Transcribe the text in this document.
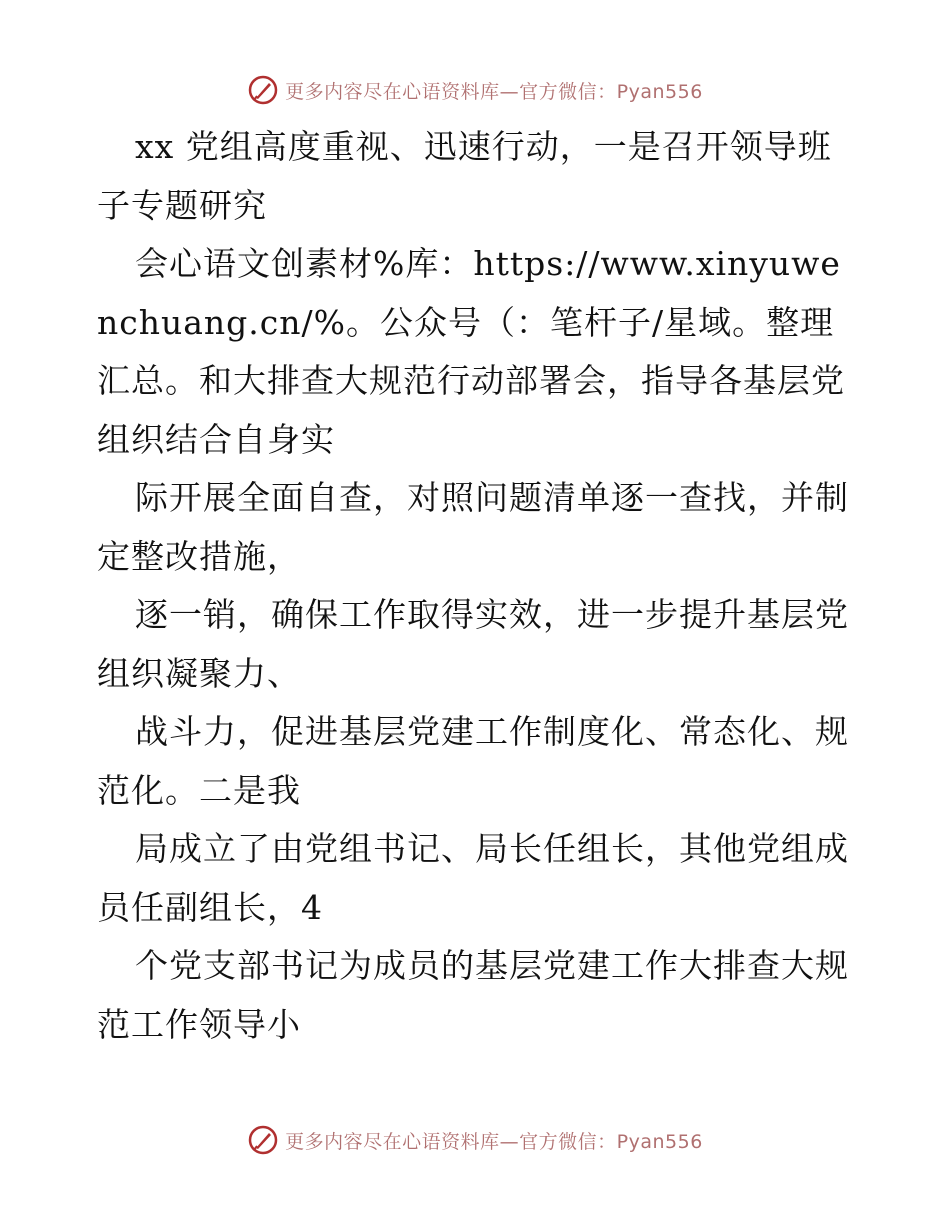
更多内容尽在心语资料库—官方微信：Pyan556

xx 党组高度重视、迅速行动，一是召开领导班子专题研究

会心语文创素材%库：https://www.xinyuwenchuang.cn/%。公众号（：笔杆子/星域。整理汇总。和大排查大规范行动部署会，指导各基层党组织结合自身实

际开展全面自查，对照问题清单逐一查找，并制定整改措施，

逐一销，确保工作取得实效，进一步提升基层党组织凝聚力、

战斗力，促进基层党建工作制度化、常态化、规范化。二是我

局成立了由党组书记、局长任组长，其他党组成员任副组长，4

个党支部书记为成员的基层党建工作大排查大规范工作领导小

更多内容尽在心语资料库—官方微信：Pyan556
